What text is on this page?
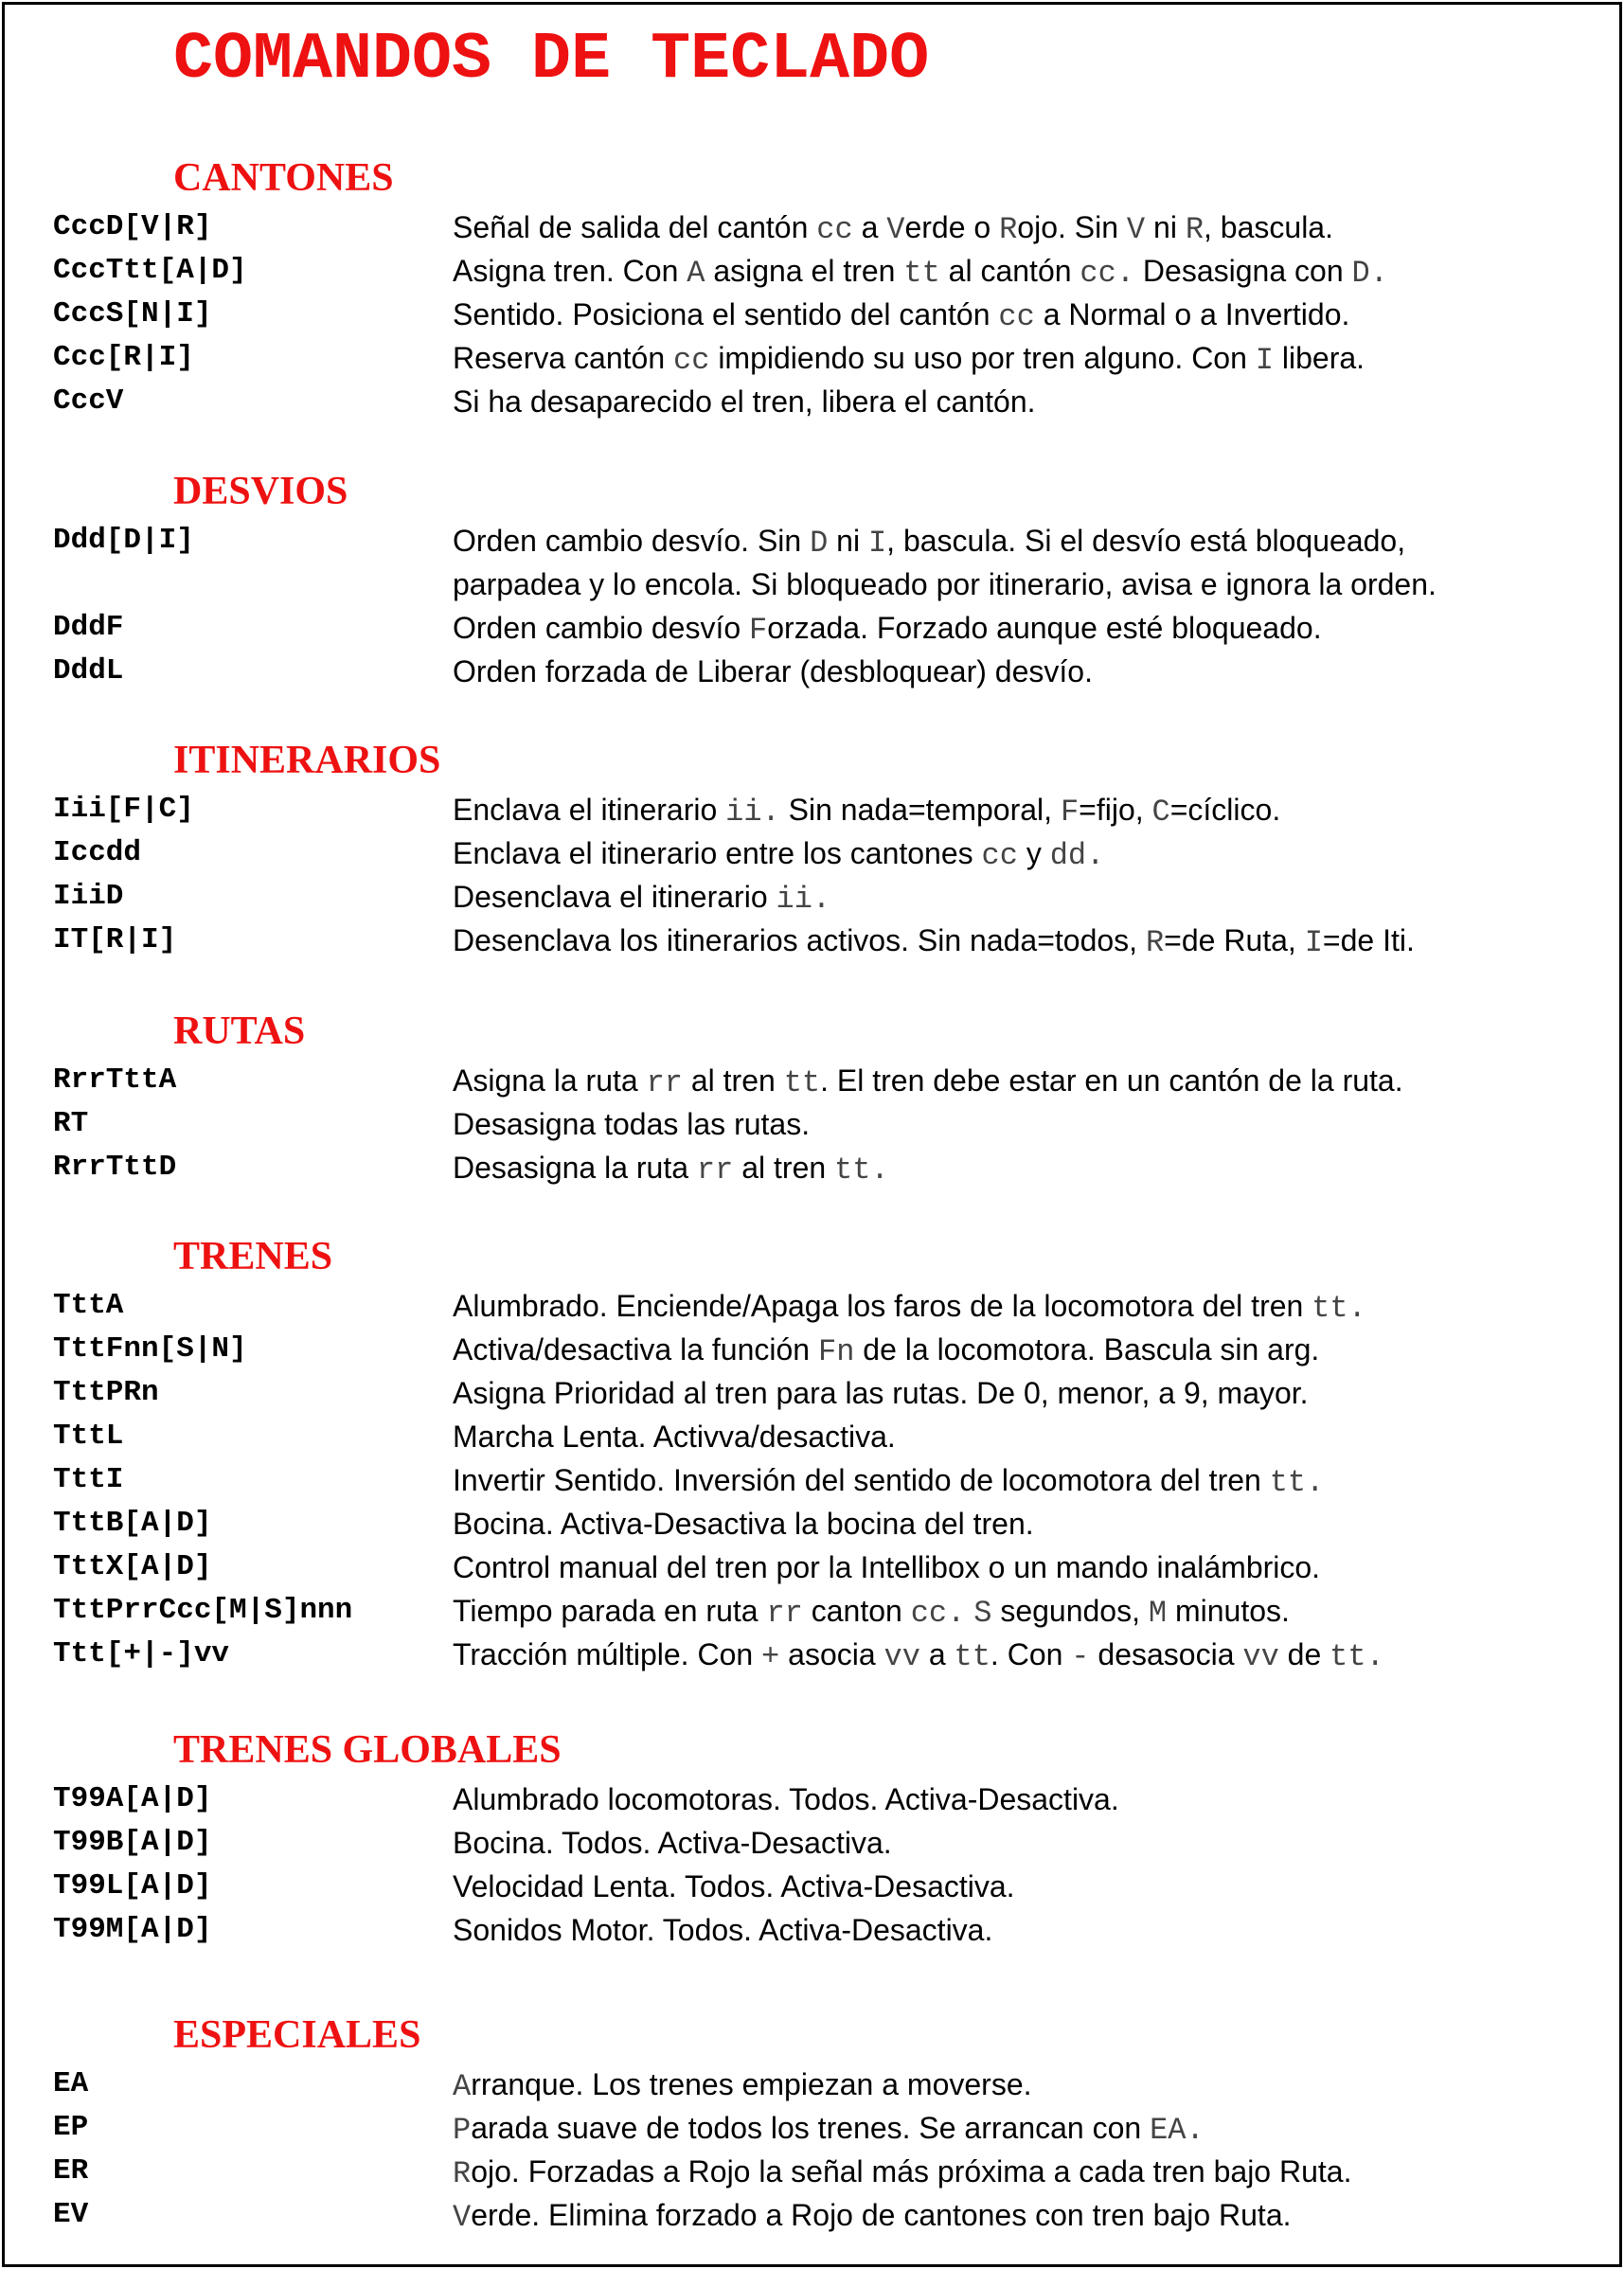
COMANDOS DE TECLADO
CANTONES
CccD[V|R]	Señal de salida del cantón cc a Verde o Rojo. Sin V ni R, bascula.
CccTtt[A|D]	Asigna tren. Con A asigna el tren tt al cantón cc. Desasigna con D.
CccS[N|I]	Sentido. Posiciona el sentido del cantón cc a Normal o a Invertido.
Ccc[R|I]	Reserva cantón cc impidiendo su uso por tren alguno. Con I libera.
CccV	Si ha desaparecido el tren, libera el cantón.
DESVIOS
Ddd[D|I]	Orden cambio desvío. Sin D ni I, bascula. Si el desvío está bloqueado,
parpadea y lo encola. Si bloqueado por itinerario, avisa e ignora la orden.
DddF	Orden cambio desvío Forzada. Forzado aunque esté bloqueado.
DddL	Orden forzada de Liberar (desbloquear) desvío.
ITINERARIOS
Iii[F|C]	Enclava el itinerario ii. Sin nada=temporal, F=fijo, C=cíclico.
Iccdd	Enclava el itinerario entre los cantones cc y dd.
IiiD	Desenclava el itinerario ii.
IT[R|I]	Desenclava los itinerarios activos. Sin nada=todos, R=de Ruta, I=de Iti.
RUTAS
RrrTttA	Asigna la ruta rr al tren tt. El tren debe estar en un cantón de la ruta.
RT	Desasigna todas las rutas.
RrrTttD	Desasigna la ruta rr al tren tt.
TRENES
TttA	Alumbrado. Enciende/Apaga los faros de la locomotora del tren tt.
TttFnn[S|N]	Activa/desactiva la función Fn de la locomotora. Bascula sin arg.
TttPRn	Asigna Prioridad al tren para las rutas. De 0, menor, a 9, mayor.
TttL	Marcha Lenta. Activva/desactiva.
TttI	Invertir Sentido. Inversión del sentido de locomotora del tren tt.
TttB[A|D]	Bocina. Activa-Desactiva la bocina del tren.
TttX[A|D]	Control manual del tren por la Intellibox o un mando inalámbrico.
TttPrrCcc[M|S]nnn	Tiempo parada en ruta rr canton cc. S segundos, M minutos.
Ttt[+|-]vv	Tracción múltiple. Con + asocia vv a tt. Con - desasocia vv de tt.
TRENES GLOBALES
T99A[A|D]	Alumbrado locomotoras. Todos. Activa-Desactiva.
T99B[A|D]	Bocina. Todos. Activa-Desactiva.
T99L[A|D]	Velocidad Lenta. Todos. Activa-Desactiva.
T99M[A|D]	Sonidos Motor. Todos. Activa-Desactiva.
ESPECIALES
EA	Arranque. Los trenes empiezan a moverse.
EP	Parada suave de todos los trenes. Se arrancan con EA.
ER	Rojo. Forzadas a Rojo la señal más próxima a cada tren bajo Ruta.
EV	Verde. Elimina forzado a Rojo de cantones con tren bajo Ruta.
